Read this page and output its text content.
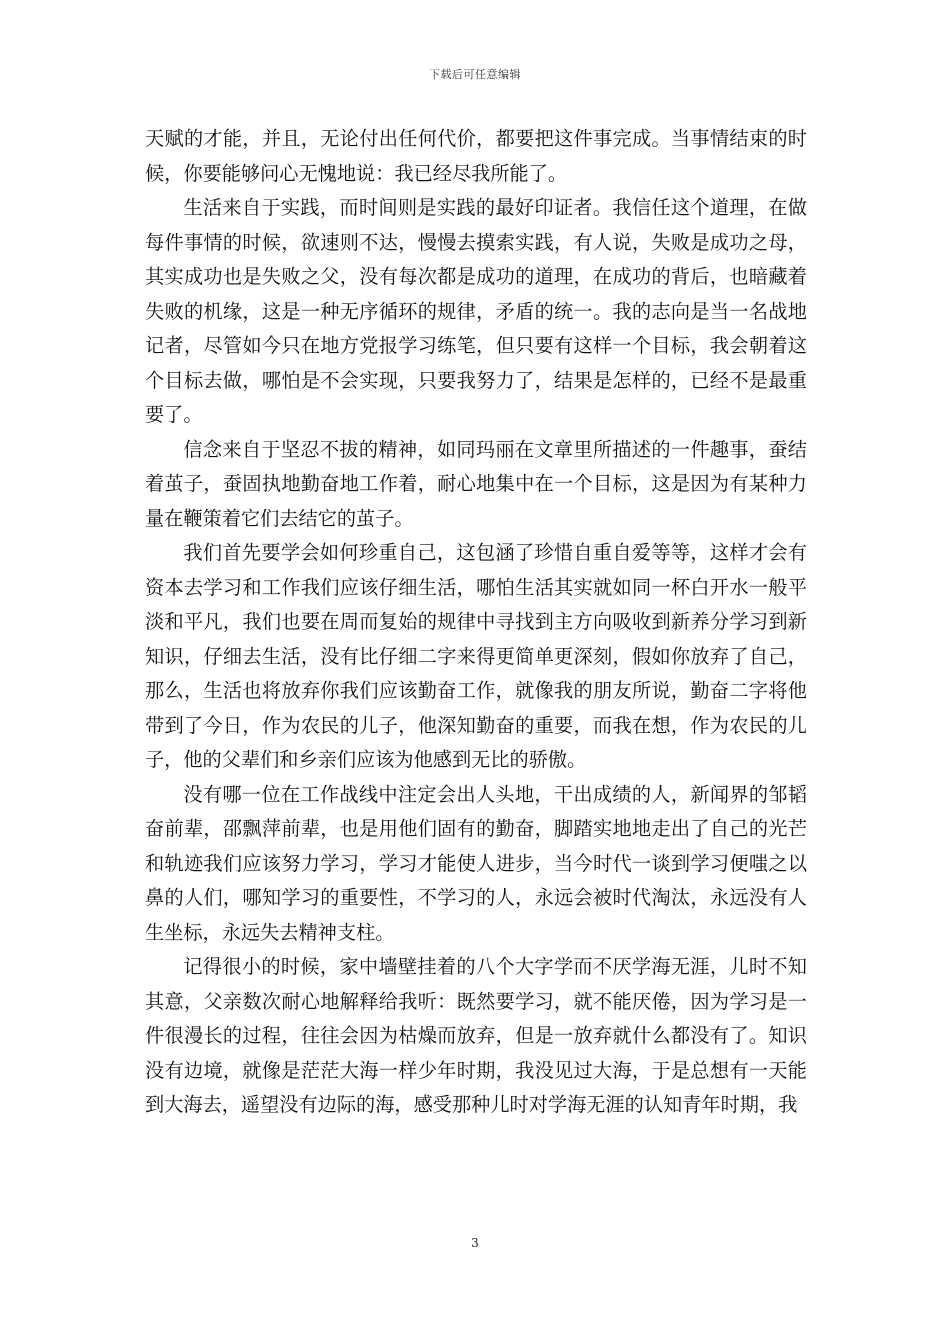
下载后可任意编辑

天赋的才能，并且，无论付出任何代价，都要把这件事完成。当事情结束的时候，你要能够问心无愧地说：我已经尽我所能了。

生活来自于实践，而时间则是实践的最好印证者。我信任这个道理，在做每件事情的时候，欲速则不达，慢慢去摸索实践，有人说，失败是成功之母，其实成功也是失败之父，没有每次都是成功的道理，在成功的背后，也暗藏着失败的机缘，这是一种无序循环的规律，矛盾的统一。我的志向是当一名战地记者，尽管如今只在地方党报学习练笔，但只要有这样一个目标，我会朝着这个目标去做，哪怕是不会实现，只要我努力了，结果是怎样的，已经不是最重要了。

信念来自于坚忍不拔的精神，如同玛丽在文章里所描述的一件趣事，蚕结着茧子，蚕固执地勤奋地工作着，耐心地集中在一个目标，这是因为有某种力量在鞭策着它们去结它的茧子。

我们首先要学会如何珍重自己，这包涵了珍惜自重自爱等等，这样才会有资本去学习和工作我们应该仔细生活，哪怕生活其实就如同一杯白开水一般平淡和平凡，我们也要在周而复始的规律中寻找到主方向吸收到新养分学习到新知识，仔细去生活，没有比仔细二字来得更简单更深刻，假如你放弃了自己，那么，生活也将放弃你我们应该勤奋工作，就像我的朋友所说，勤奋二字将他带到了今日，作为农民的儿子，他深知勤奋的重要，而我在想，作为农民的儿子，他的父辈们和乡亲们应该为他感到无比的骄傲。

没有哪一位在工作战线中注定会出人头地，干出成绩的人，新闻界的邹韬奋前辈，邵飘萍前辈，也是用他们固有的勤奋，脚踏实地地走出了自己的光芒和轨迹我们应该努力学习，学习才能使人进步，当今时代一谈到学习便嗤之以鼻的人们，哪知学习的重要性，不学习的人，永远会被时代淘汰，永远没有人生坐标，永远失去精神支柱。

记得很小的时候，家中墙壁挂着的八个大字学而不厌学海无涯，儿时不知其意，父亲数次耐心地解释给我听：既然要学习，就不能厌倦，因为学习是一件很漫长的过程，往往会因为枯燥而放弃，但是一放弃就什么都没有了。知识没有边境，就像是茫茫大海一样少年时期，我没见过大海，于是总想有一天能到大海去，遥望没有边际的海，感受那种儿时对学海无涯的认知青年时期，我

3
